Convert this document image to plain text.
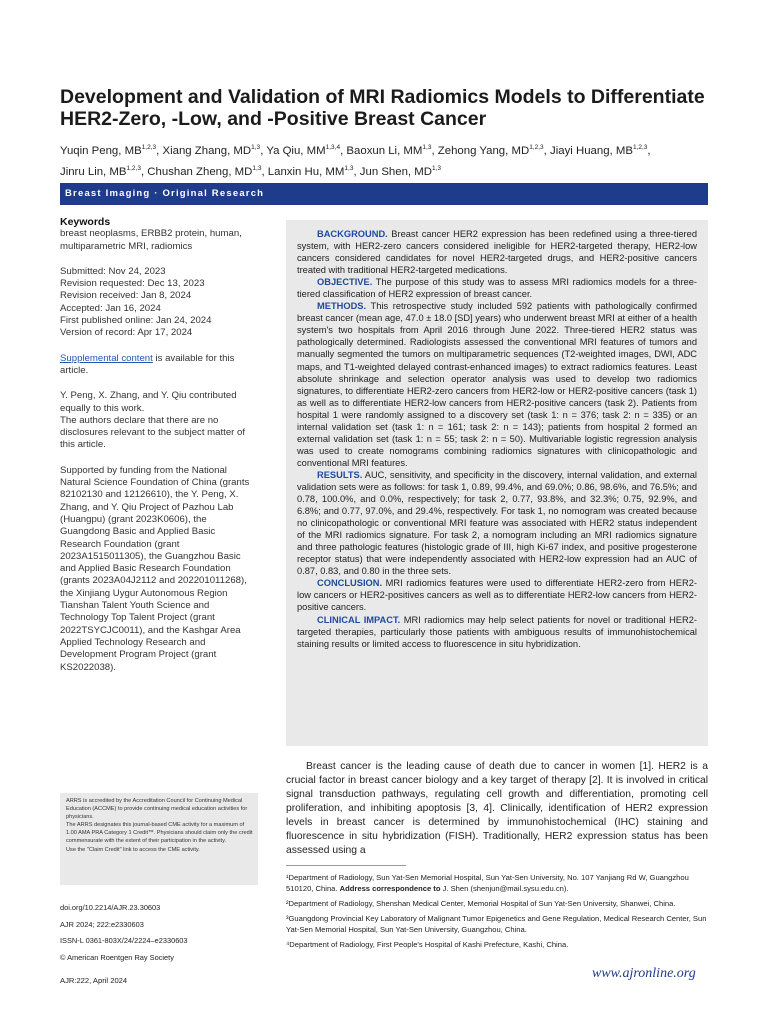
Development and Validation of MRI Radiomics Models to Differentiate HER2-Zero, -Low, and -Positive Breast Cancer
Yuqin Peng, MB$^{1,2,3}$, Xiang Zhang, MD$^{1,3}$, Ya Qiu, MM$^{1,3,4}$, Baoxun Li, MM$^{1,3}$, Zehong Yang, MD$^{1,2,3}$, Jiayi Huang, MB$^{1,2,3}$,
Jinru Lin, MB$^{1,2,3}$, Chushan Zheng, MD$^{1,3}$, Lanxin Hu, MM$^{1,3}$, Jun Shen, MD$^{1,3}$
Breast Imaging · Original Research

Keywords

breast neoplasms, ERBB2 protein, human, multiparametric MRI, radiomics

Submitted: Nov 24, 2023

Revision requested: Dec 13, 2023

Revision received: Jan 8, 2024

Accepted: Jan 16, 2024

First published online: Jan 24, 2024

Version of record: Apr 17, 2024

Supplemental content is available for this article.

Y. Peng, X. Zhang, and Y. Qiu contributed equally to this work.

The authors declare that there are no disclosures relevant to the subject matter of this article.

Supported by funding from the National Natural Science Foundation of China (grants 82102130 and 12126610), the Y. Peng, X. Zhang, and Y. Qiu Project of Pazhou Lab (Huangpu) (grant 2023K0606), the Guangdong Basic and Applied Basic Research Foundation (grant 2023A1515011305), the Guangzhou Basic and Applied Basic Research Foundation (grants 2023A04J2112 and 202201011268), the Xinjiang Uygur Autonomous Region Tianshan Talent Youth Science and Technology Top Talent Project (grant 2022TSYCJC0011), and the Kashgar Area Applied Technology Research and Development Program Project (grant KS2022038).

ARRS is accredited by the Accreditation Council for Continuing Medical Education (ACCME) to provide continuing medical education activities for physicians.

The ARRS designates this journal-based CME activity for a maximum of 1.00 AMA PRA Category 1 Credit™. Physicians should claim only the credit commensurate with the extent of their participation in the activity.

Use the "Claim Credit" link to access the CME activity.

doi.org/10.2214/AJR.23.30603

AJR 2024; 222:e2330603

ISSN-L 0361-803X/24/2224–e2330603

© American Roentgen Ray Society

AJR:222, April 2024

BACKGROUND. Breast cancer HER2 expression has been redefined using a three-tiered system, with HER2-zero cancers considered ineligible for HER2-targeted therapy, HER2-low cancers considered candidates for novel HER2-targeted drugs, and HER2-positive cancers treated with traditional HER2-targeted medications.

OBJECTIVE. The purpose of this study was to assess MRI radiomics models for a three-tiered classification of HER2 expression of breast cancer.

METHODS. This retrospective study included 592 patients with pathologically confirmed breast cancer (mean age, 47.0 ± 18.0 [SD] years) who underwent breast MRI at either of a health system's two hospitals from April 2016 through June 2022. Three-tiered HER2 status was pathologically determined. Radiologists assessed the conventional MRI features of tumors and manually segmented the tumors on multiparametric sequences (T2-weighted images, DWI, ADC maps, and T1-weighted delayed contrast-enhanced images) to extract radiomics features. Least absolute shrinkage and selection operator analysis was used to develop two radiomics signatures, to differentiate HER2-zero cancers from HER2-low or HER2-positive cancers (task 1) as well as to differentiate HER2-low cancers from HER2-positive cancers (task 2). Patients from hospital 1 were randomly assigned to a discovery set (task 1: n = 376; task 2: n = 335) or an internal validation set (task 1: n = 161; task 2: n = 143); patients from hospital 2 formed an external validation set (task 1: n = 55; task 2: n = 50). Multivariable logistic regression analysis was used to create nomograms combining radiomics signatures with clinicopathologic and conventional MRI features.

RESULTS. AUC, sensitivity, and specificity in the discovery, internal validation, and external validation sets were as follows: for task 1, 0.89, 99.4%, and 69.0%; 0.86, 98.6%, and 76.5%; and 0.78, 100.0%, and 0.0%, respectively; for task 2, 0.77, 93.8%, and 32.3%; 0.75, 92.9%, and 6.8%; and 0.77, 97.0%, and 29.4%, respectively. For task 1, no nomogram was created because no clinicopathologic or conventional MRI feature was associated with HER2 status independent of the MRI radiomics signature. For task 2, a nomogram including an MRI radiomics signature and three pathologic features (histologic grade of III, high Ki-67 index, and positive progesterone receptor status) that were independently associated with HER2-low expression had an AUC of 0.87, 0.83, and 0.80 in the three sets.

CONCLUSION. MRI radiomics features were used to differentiate HER2-zero from HER2-low cancers or HER2-positives cancers as well as to differentiate HER2-low cancers from HER2-positive cancers.

CLINICAL IMPACT. MRI radiomics may help select patients for novel or traditional HER2-targeted therapies, particularly those patients with ambiguous results of immunohistochemical staining results or limited access to fluorescence in situ hybridization.

Breast cancer is the leading cause of death due to cancer in women [1]. HER2 is a crucial factor in breast cancer biology and a key target of therapy [2]. It is involved in critical signal transduction pathways, regulating cell growth and differentiation, promoting cell proliferation, and inhibiting apoptosis [3, 4]. Clinically, identification of HER2 expression levels in breast cancer is determined by immunohistochemical (IHC) staining and fluorescence in situ hybridization (FISH). Traditionally, HER2 expression status has been assessed using a

¹Department of Radiology, Sun Yat-Sen Memorial Hospital, Sun Yat-Sen University, No. 107 Yanjiang Rd W, Guangzhou 510120, China. Address correspondence to J. Shen (shenjun@mail.sysu.edu.cn).

²Department of Radiology, Shenshan Medical Center, Memorial Hospital of Sun Yat-Sen University, Shanwei, China.

³Guangdong Provincial Key Laboratory of Malignant Tumor Epigenetics and Gene Regulation, Medical Research Center, Sun Yat-Sen Memorial Hospital, Sun Yat-Sen University, Guangzhou, China.

⁴Department of Radiology, First People's Hospital of Kashi Prefecture, Kashi, China.

www.ajronline.org
